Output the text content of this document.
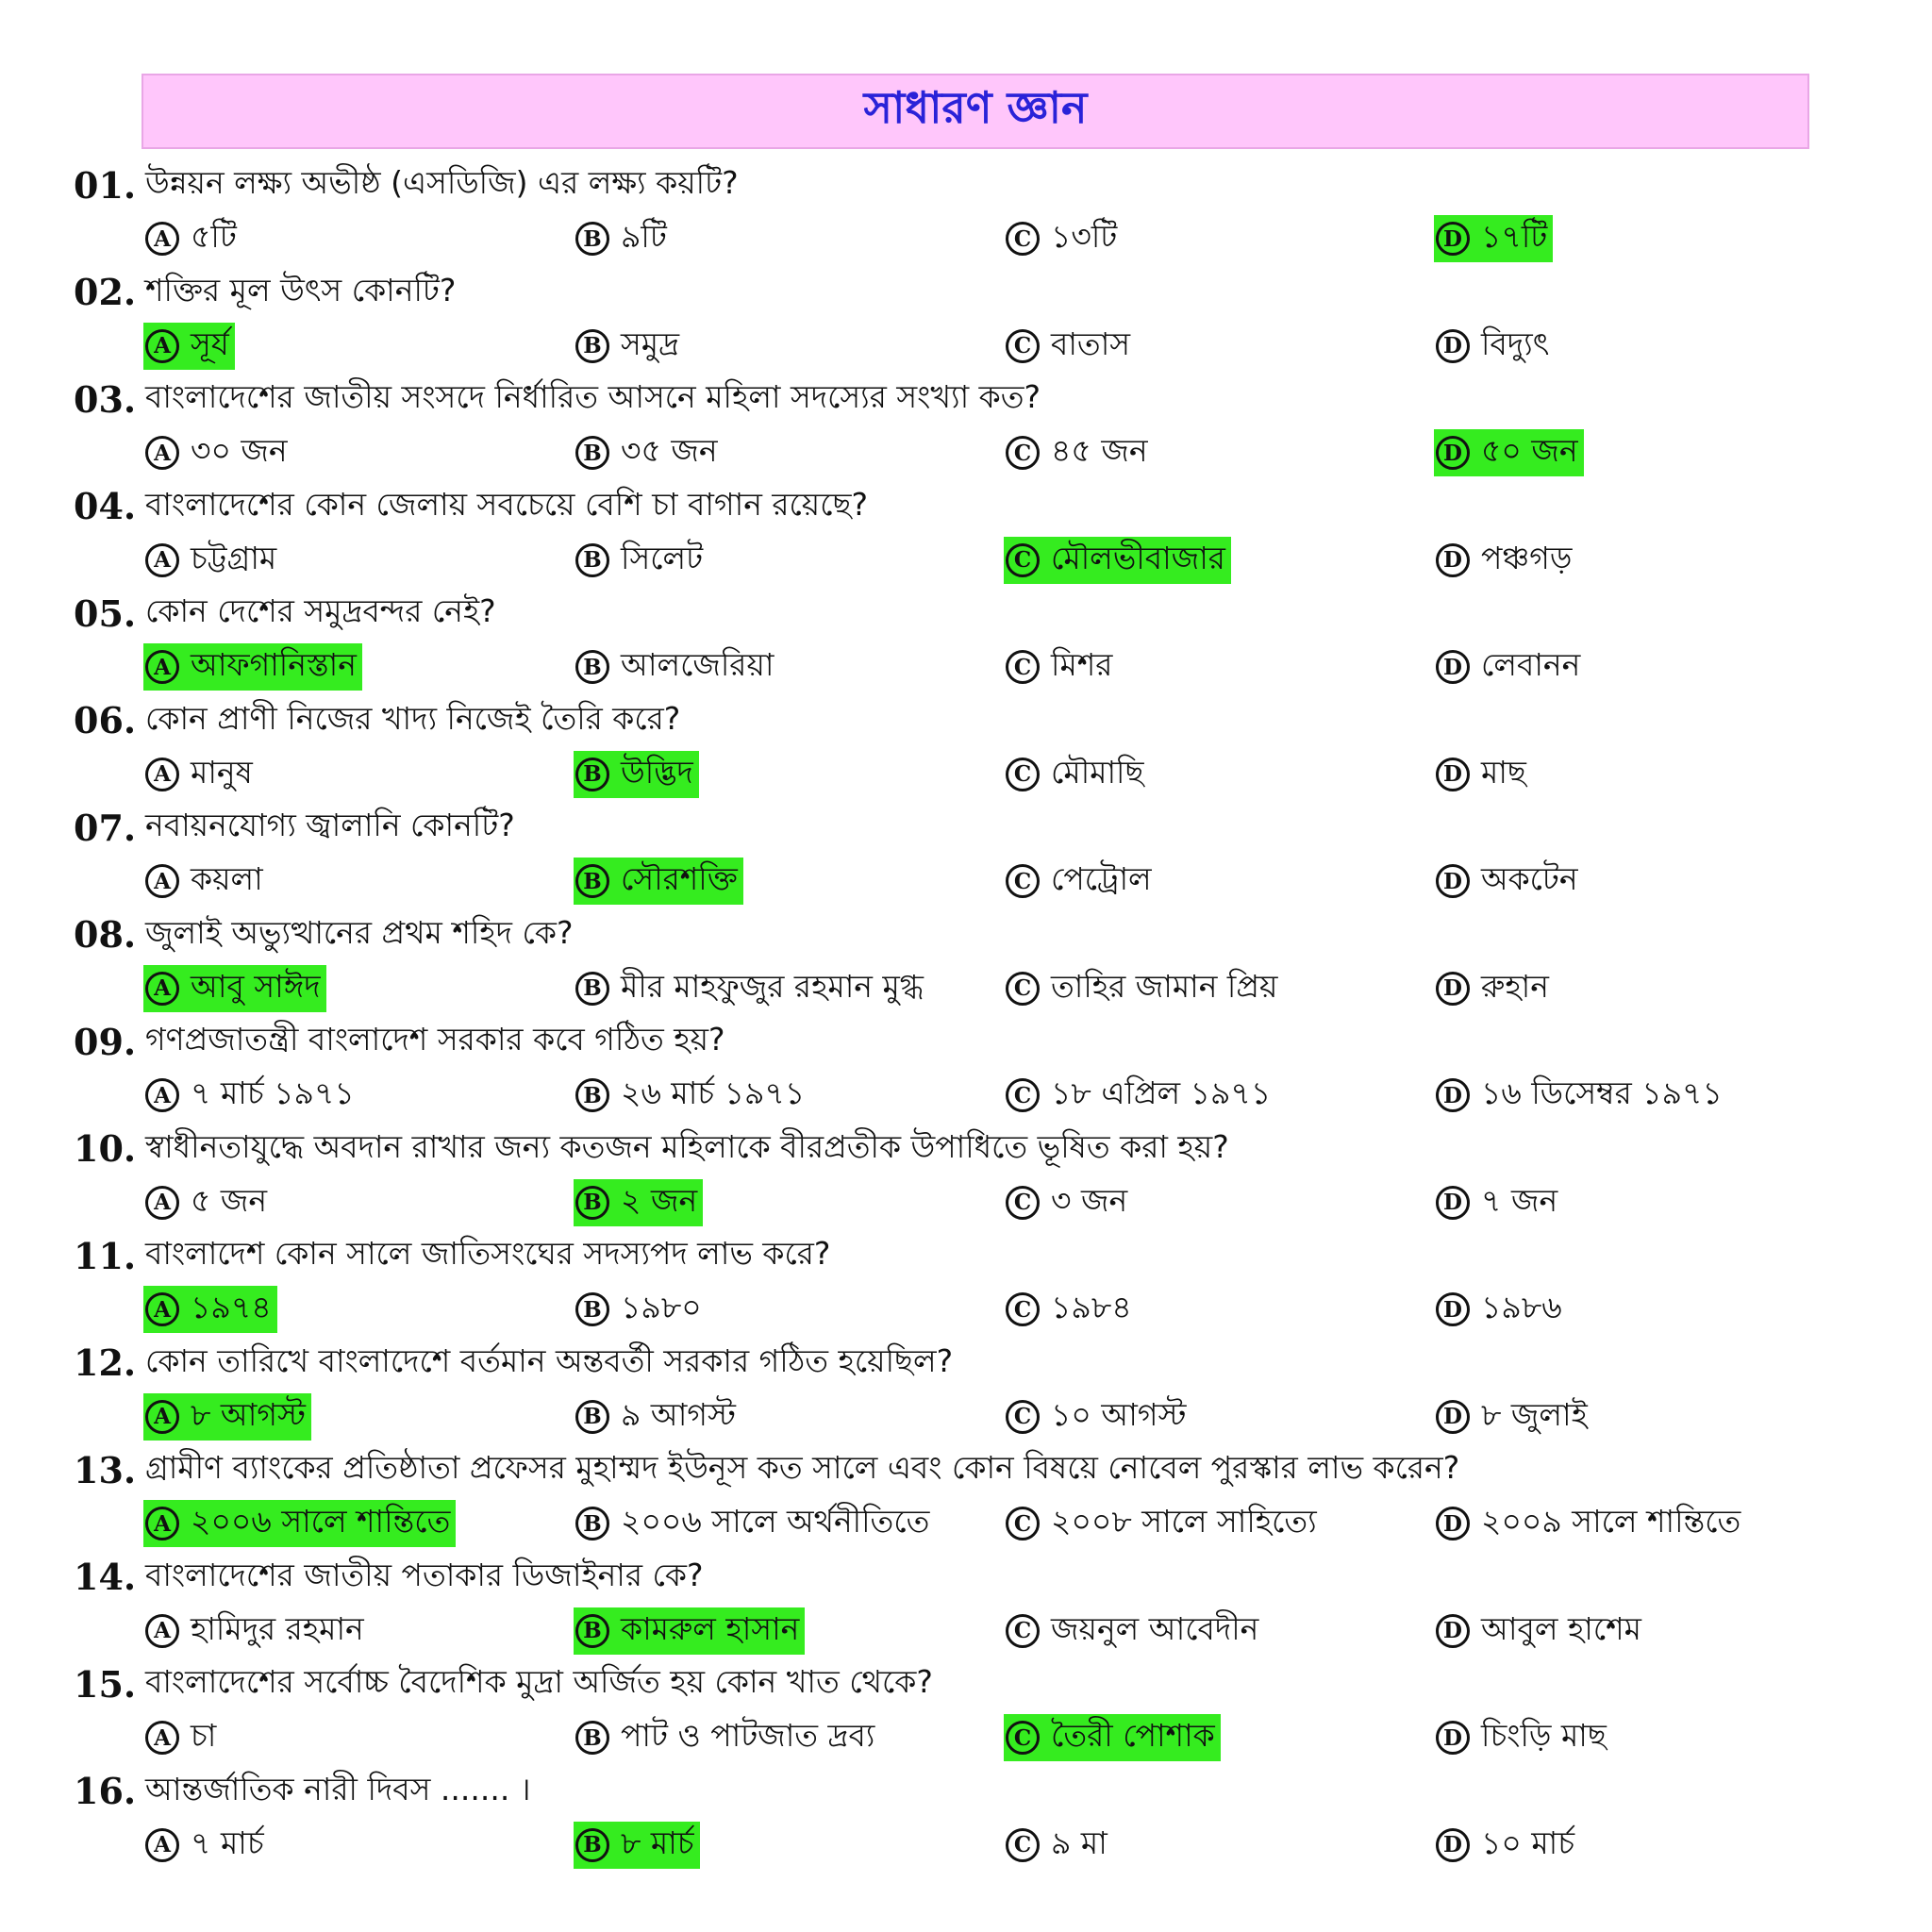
সাধারণ জ্ঞান
01. উন্নয়ন লক্ষ্য অভীষ্ঠ (এসডিজি) এর লক্ষ্য কয়টি?
A ৫টি	B ৯টি	C ১৩টি	D ১৭টি
02. শক্তির মূল উৎস কোনটি?
A সূর্য	B সমুদ্র	C বাতাস	D বিদ্যুৎ
03. বাংলাদেশের জাতীয় সংসদে নির্ধারিত আসনে মহিলা সদস্যের সংখ্যা কত?
A ৩০ জন	B ৩৫ জন	C ৪৫ জন	D ৫০ জন
04. বাংলাদেশের কোন জেলায় সবচেয়ে বেশি চা বাগান রয়েছে?
A চট্টগ্রাম	B সিলেট	C মৌলভীবাজার	D পঞ্চগড়
05. কোন দেশের সমুদ্রবন্দর নেই?
A আফগানিস্তান	B আলজেরিয়া	C মিশর	D লেবানন
06. কোন প্রাণী নিজের খাদ্য নিজেই তৈরি করে?
A মানুষ	B উদ্ভিদ	C মৌমাছি	D মাছ
07. নবায়নযোগ্য জ্বালানি কোনটি?
A কয়লা	B সৌরশক্তি	C পেট্রোল	D অকটেন
08. জুলাই অভ্যুত্থানের প্রথম শহিদ কে?
A আবু সাঈদ	B মীর মাহফুজুর রহমান মুগ্ধ	C তাহির জামান প্রিয়	D রুহান
09. গণপ্রজাতন্ত্রী বাংলাদেশ সরকার কবে গঠিত হয়?
A ৭ মার্চ ১৯৭১	B ২৬ মার্চ ১৯৭১	C ১৮ এপ্রিল ১৯৭১	D ১৬ ডিসেম্বর ১৯৭১
10. স্বাধীনতাযুদ্ধে অবদান রাখার জন্য কতজন মহিলাকে বীরপ্রতীক উপাধিতে ভূষিত করা হয়?
A ৫ জন	B ২ জন	C ৩ জন	D ৭ জন
11. বাংলাদেশ কোন সালে জাতিসংঘের সদস্যপদ লাভ করে?
A ১৯৭৪	B ১৯৮০	C ১৯৮৪	D ১৯৮৬
12. কোন তারিখে বাংলাদেশে বর্তমান অন্তবর্তী সরকার গঠিত হয়েছিল?
A ৮ আগস্ট	B ৯ আগস্ট	C ১০ আগস্ট	D ৮ জুলাই
13. গ্রামীণ ব্যাংকের প্রতিষ্ঠাতা প্রফেসর মুহাম্মদ ইউনূস কত সালে এবং কোন বিষয়ে নোবেল পুরস্কার লাভ করেন?
A ২০০৬ সালে শান্তিতে	B ২০০৬ সালে অর্থনীতিতে	C ২০০৮ সালে সাহিত্যে	D ২০০৯ সালে শান্তিতে
14. বাংলাদেশের জাতীয় পতাকার ডিজাইনার কে?
A হামিদুর রহমান	B কামরুল হাসান	C জয়নুল আবেদীন	D আবুল হাশেম
15. বাংলাদেশের সর্বোচ্চ বৈদেশিক মুদ্রা অর্জিত হয় কোন খাত থেকে?
A চা	B পাট ও পাটজাত দ্রব্য	C তৈরী পোশাক	D চিংড়ি মাছ
16. আন্তর্জাতিক নারী দিবস ....... ।
A ৭ মার্চ	B ৮ মার্চ	C ৯ মা	D ১০ মার্চ
